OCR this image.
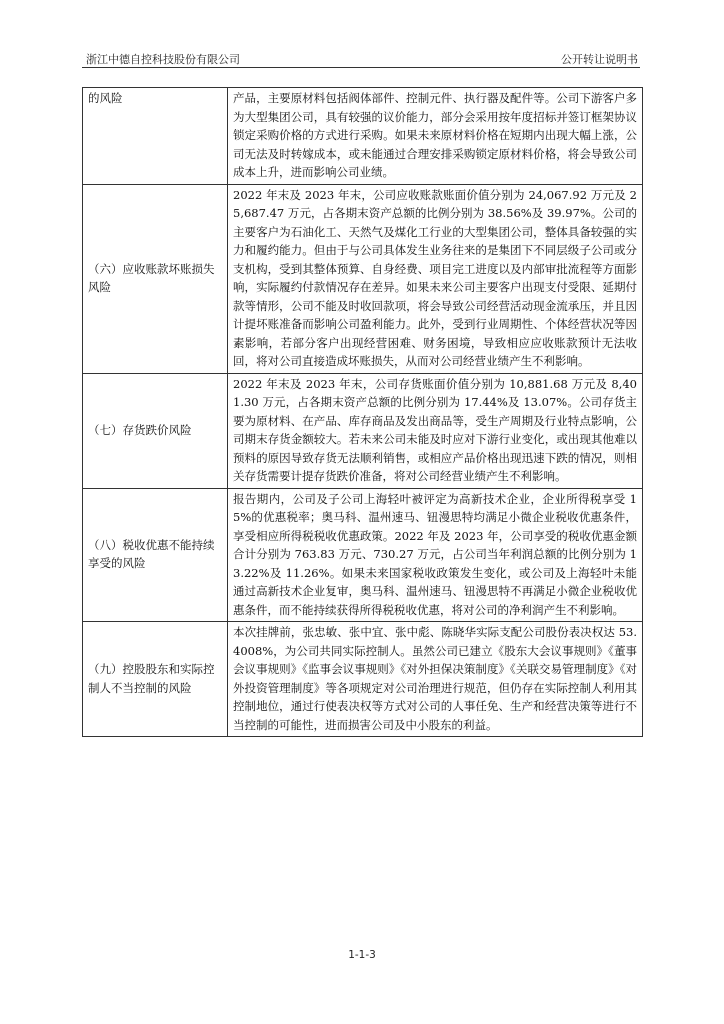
浙江中德自控科技股份有限公司	公开转让说明书
的风险	产品，主要原材料包括阀体部件、控制元件、执行器及配件等。公司下游客户多为大型集团公司，具有较强的议价能力，部分会采用按年度招标并签订框架协议锁定采购价格的方式进行采购。如果未来原材料价格在短期内出现大幅上涨，公司无法及时转嫁成本，或未能通过合理安排采购锁定原材料价格，将会导致公司成本上升，进而影响公司业绩。
（六）应收账款坏账损失风险	2022 年末及 2023 年末，公司应收账款账面价值分别为 24,067.92 万元及 25,687.47 万元，占各期末资产总额的比例分别为 38.56%及 39.97%。公司的主要客户为石油化工、天然气及煤化工行业的大型集团公司，整体具备较强的实力和履约能力。但由于与公司具体发生业务往来的是集团下不同层级子公司或分支机构，受到其整体预算、自身经费、项目完工进度以及内部审批流程等方面影响，实际履约付款情况存在差异。如果未来公司主要客户出现支付受限、延期付款等情形，公司不能及时收回款项，将会导致公司经营活动现金流承压，并且因计提坏账准备而影响公司盈利能力。此外，受到行业周期性、个体经营状况等因素影响，若部分客户出现经营困难、财务困境，导致相应应收账款预计无法收回，将对公司直接造成坏账损失，从而对公司经营业绩产生不利影响。
（七）存货跌价风险	2022 年末及 2023 年末，公司存货账面价值分别为 10,881.68 万元及 8,401.30 万元，占各期末资产总额的比例分别为 17.44%及 13.07%。公司存货主要为原材料、在产品、库存商品及发出商品等，受生产周期及行业特点影响，公司期末存货金额较大。若未来公司未能及时应对下游行业变化，或出现其他难以预料的原因导致存货无法顺利销售，或相应产品价格出现迅速下跌的情况，则相关存货需要计提存货跌价准备，将对公司经营业绩产生不利影响。
（八）税收优惠不能持续享受的风险	报告期内，公司及子公司上海轻叶被评定为高新技术企业，企业所得税享受 15%的优惠税率；奥马科、温州速马、钮漫思特均满足小微企业税收优惠条件，享受相应所得税税收优惠政策。2022 年及 2023 年，公司享受的税收优惠金额合计分别为 763.83 万元、730.27 万元，占公司当年利润总额的比例分别为 13.22%及 11.26%。如果未来国家税收政策发生变化，或公司及上海轻叶未能通过高新技术企业复审，奥马科、温州速马、钮漫思特不再满足小微企业税收优惠条件，而不能持续获得所得税税收优惠，将对公司的净利润产生不利影响。
（九）控股股东和实际控制人不当控制的风险	本次挂牌前，张忠敏、张中宜、张中彪、陈晓华实际支配公司股份表决权达 53.4008%，为公司共同实际控制人。虽然公司已建立《股东大会议事规则》《董事会议事规则》《监事会议事规则》《对外担保决策制度》《关联交易管理制度》《对外投资管理制度》等各项规定对公司治理进行规范，但仍存在实际控制人利用其控制地位，通过行使表决权等方式对公司的人事任免、生产和经营决策等进行不当控制的可能性，进而损害公司及中小股东的利益。
1-1-3
